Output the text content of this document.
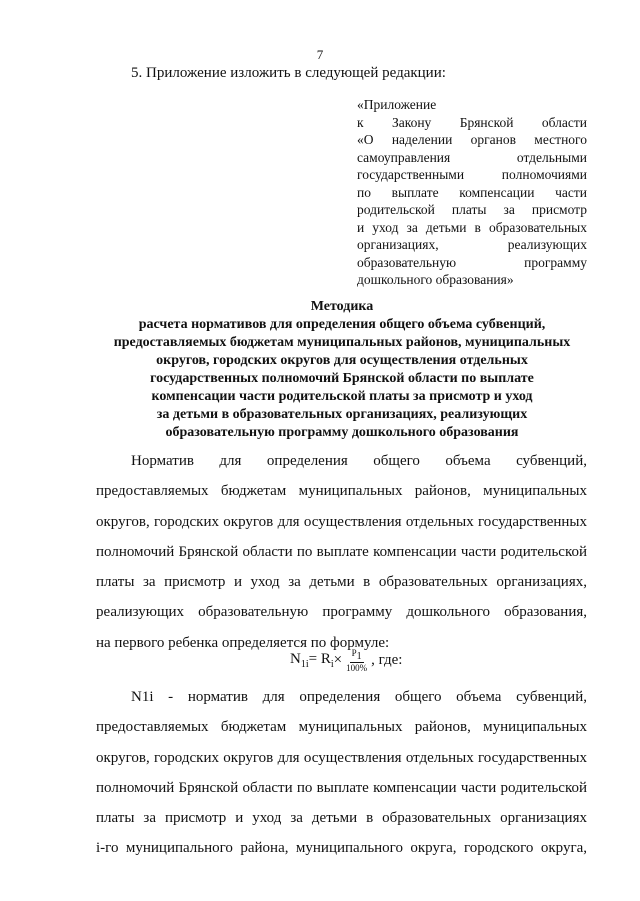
7
5. Приложение изложить в следующей редакции:
«Приложение
к Закону Брянской области
«О наделении органов местного
самоуправления отдельными
государственными полномочиями
по выплате компенсации части
родительской платы за присмотр
и уход за детьми в образовательных
организациях, реализующих
образовательную программу
дошкольного образования»
Методика
расчета нормативов для определения общего объема субвенций,
предоставляемых бюджетам муниципальных районов, муниципальных
округов, городских округов для осуществления отдельных
государственных полномочий Брянской области по выплате
компенсации части родительской платы за присмотр и уход
за детьми в образовательных организациях, реализующих
образовательную программу дошкольного образования
Норматив для определения общего объема субвенций,
предоставляемых бюджетам муниципальных районов, муниципальных
округов, городских округов для осуществления отдельных государственных
полномочий Брянской области по выплате компенсации части родительской
платы за присмотр и уход за детьми в образовательных организациях,
реализующих образовательную программу дошкольного образования,
на первого ребенка определяется по формуле:
$N_{1i} = R_i \times \frac{P_1}{100\%}$ , где:
N1i - норматив для определения общего объема субвенций,
предоставляемых бюджетам муниципальных районов, муниципальных
округов, городских округов для осуществления отдельных государственных
полномочий Брянской области по выплате компенсации части родительской
платы за присмотр и уход за детьми в образовательных организациях
i-го муниципального района, муниципального округа, городского округа,
